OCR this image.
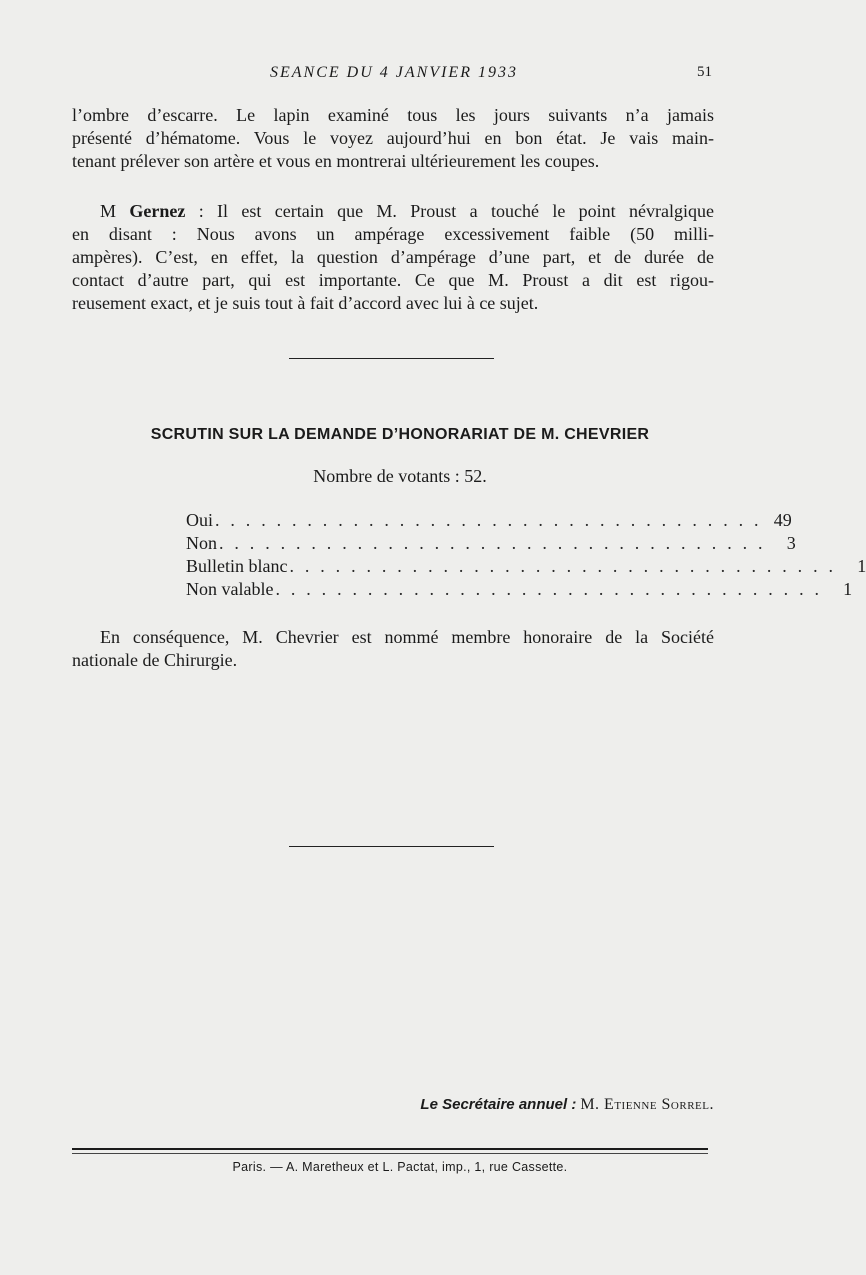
SEANCE DU 4 JANVIER 1933	51
l’ombre d’escarre. Le lapin examiné tous les jours suivants n’a jamais
présenté d’hématome. Vous le voyez aujourd’hui en bon état. Je vais main-
tenant prélever son artère et vous en montrerai ultérieurement les coupes.
M Gernez : Il est certain que M. Proust a touché le point névralgique
en disant : Nous avons un ampérage excessivement faible (50 milli-
ampères). C’est, en effet, la question d’ampérage d’une part, et de durée de
contact d’autre part, qui est importante. Ce que M. Proust a dit est rigou-
reusement exact, et je suis tout à fait d’accord avec lui à ce sujet.
SCRUTIN SUR LA DEMANDE D’HONORARIAT DE M. CHEVRIER
Nombre de votants : 52.
Oui . . . . . . . . . . . . . . . . . . . . . . . . . . . . . . . . . . . . 49
Non . . . . . . . . . . . . . . . . . . . . . . . . . . . . . . . . . . . .	3
Bulletin blanc . . . . . . . . . . . . . . . . . . . . . . . . . . . . . . . . . . . .	1
Non valable . . . . . . . . . . . . . . . . . . . . . . . . . . . . . . . . . . . .	1
En conséquence, M. Chevrier est nommé membre honoraire de la Société
nationale de Chirurgie.
Le Secrétaire annuel : M. Etienne Sorrel.
Paris. — A. Maretheux et L. Pactat, imp., 1, rue Cassette.
